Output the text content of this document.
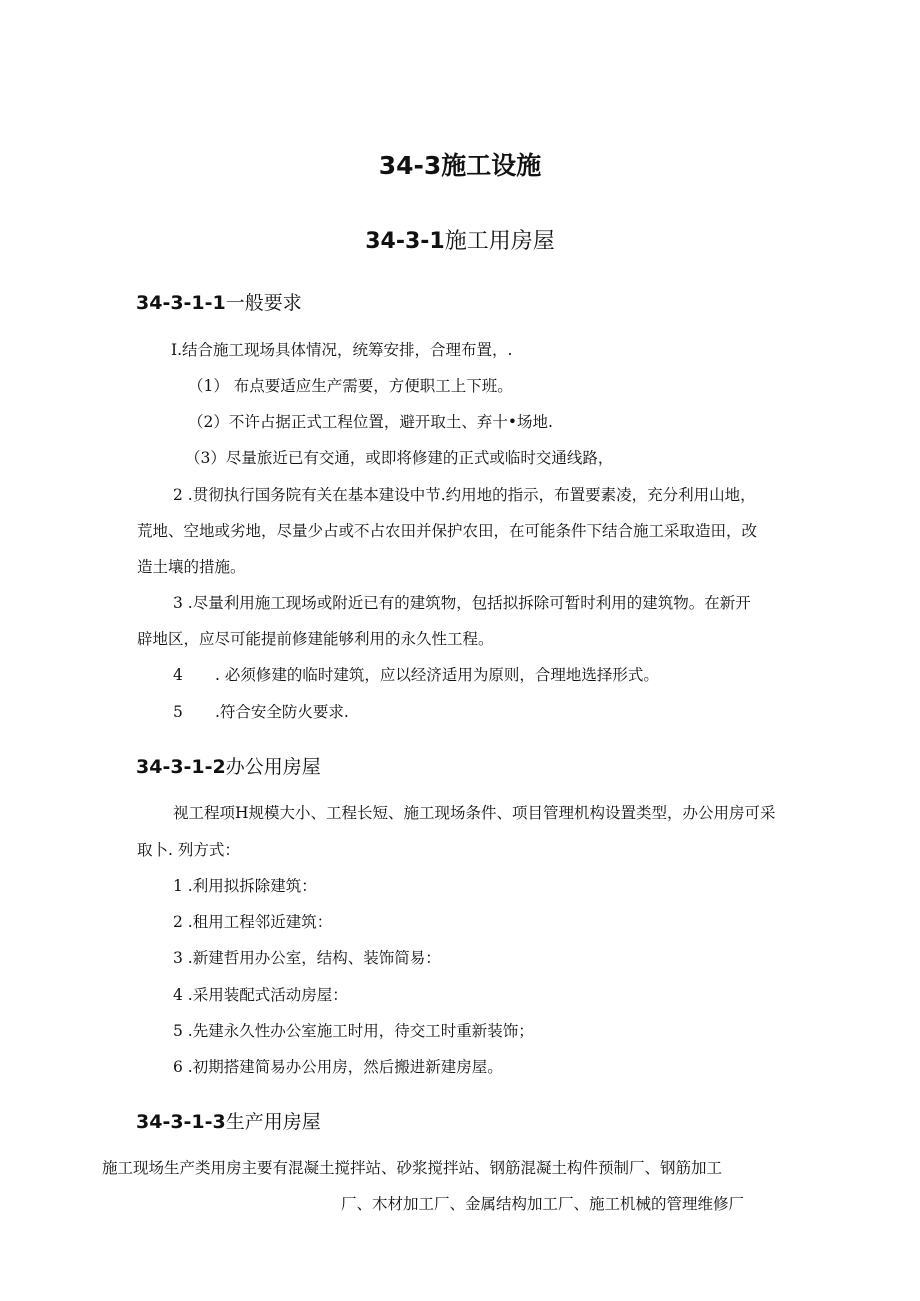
34-3施工设施
34-3-1施工用房屋
34-3-1-1一般要求
I.结合施工现场具体情况，统筹安排，合理布置，.
（1） 布点要适应生产需要，方便职工上下班。
（2）不许占据正式工程位置，避开取土、弃十•场地.
（3）尽量旅近已有交通，或即将修建的正式或临时交通线路，
2 .贯彻执行国务院有关在基本建设中节.约用地的指示，布置要素凌，充分利用山地，
荒地、空地或劣地，尽量少占或不占农田并保护农田，在可能条件下结合施工采取造田，改
造土壤的措施。
3 .尽量利用施工现场或附近已有的建筑物，包括拟拆除可暂时利用的建筑物。在新开
辟地区，应尽可能提前修建能够利用的永久性工程。
4 . 必须修建的临时建筑，应以经济适用为原则，合理地选择形式。
5 .符合安全防火要求.
34-3-1-2办公用房屋
视工程项H规模大小、工程长短、施工现场条件、项目管理机构设置类型，办公用房可采
取卜. 列方式：
1 .利用拟拆除建筑：
2 .租用工程邻近建筑：
3 .新建哲用办公室，结构、装饰简易：
4 .采用装配式活动房屋：
5 .先建永久性办公室施工时用，待交工时重新装饰；
6 .初期搭建简易办公用房，然后搬进新建房屋。
34-3-1-3生产用房屋
施工现场生产类用房主要有混凝土搅拌站、砂浆搅拌站、钢筋混凝土构件预制厂、钢筋加工
厂、木材加工厂、金属结构加工厂、施工机械的管理维修厂
